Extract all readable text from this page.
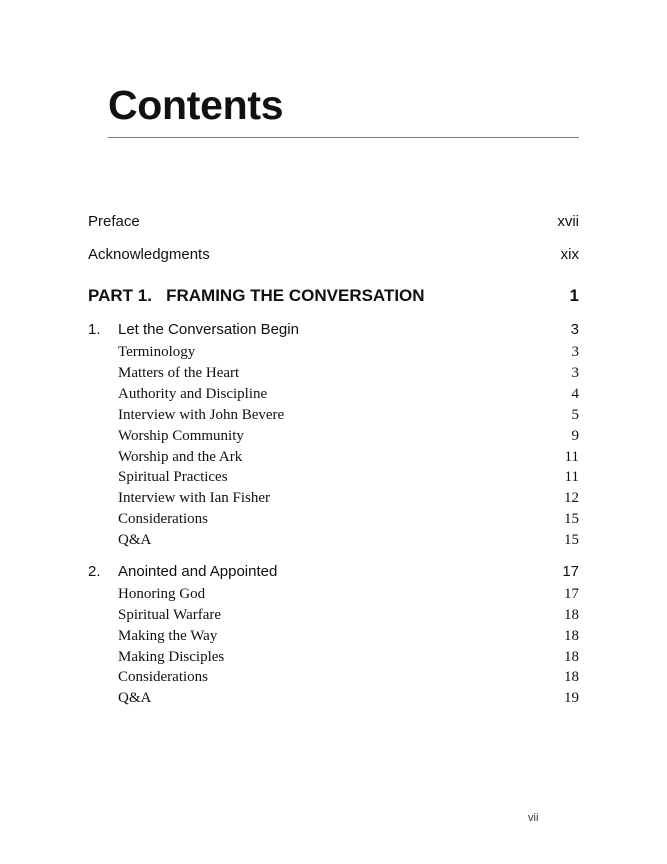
Contents
Preface	xvii
Acknowledgments	xix
PART 1. FRAMING THE CONVERSATION	1
1. Let the Conversation Begin	3
Terminology	3
Matters of the Heart	3
Authority and Discipline	4
Interview with John Bevere	5
Worship Community	9
Worship and the Ark	11
Spiritual Practices	11
Interview with Ian Fisher	12
Considerations	15
Q&A	15
2. Anointed and Appointed	17
Honoring God	17
Spiritual Warfare	18
Making the Way	18
Making Disciples	18
Considerations	18
Q&A	19
vii
